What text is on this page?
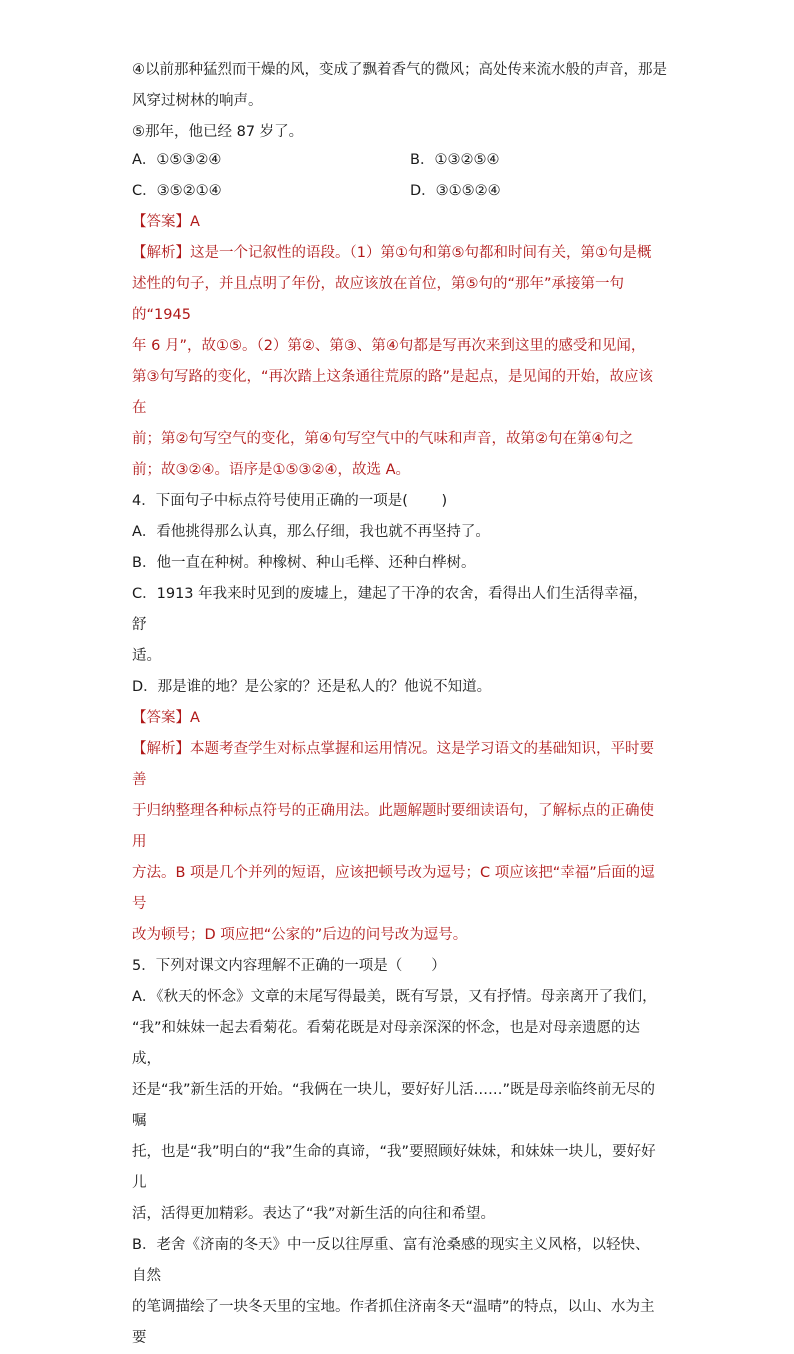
④以前那种猛烈而干燥的风，变成了飘着香气的微风；高处传来流水般的声音，那是

风穿过树林的响声。

⑤那年，他已经 87 岁了。

A．①⑤③②④	B．①③②⑤④
C．③⑤②①④	D．③①⑤②④

【答案】A

【解析】这是一个记叙性的语段。（1）第①句和第⑤句都和时间有关，第①句是概

述性的句子，并且点明了年份，故应该放在首位，第⑤句的“那年”承接第一句的“1945

年 6 月”，故①⑤。（2）第②、第③、第④句都是写再次来到这里的感受和见闻，

第③句写路的变化，“再次踏上这条通往荒原的路”是起点，是见闻的开始，故应该在

前；第②句写空气的变化，第④句写空气中的气味和声音，故第②句在第④句之

前；故③②④。语序是①⑤③②④，故选 A。

4．下面句子中标点符号使用正确的一项是(　　 )

A．看他挑得那么认真，那么仔细，我也就不再坚持了。

B．他一直在种树。种橡树、种山毛榉、还种白桦树。

C．1913 年我来时见到的废墟上，建起了干净的农舍，看得出人们生活得幸福，舒

适。

D．那是谁的地？是公家的？还是私人的？他说不知道。

【答案】A

【解析】本题考查学生对标点掌握和运用情况。这是学习语文的基础知识，平时要善

于归纳整理各种标点符号的正确用法。此题解题时要细读语句，了解标点的正确使用

方法。B 项是几个并列的短语，应该把顿号改为逗号；C 项应该把“幸福”后面的逗号

改为顿号；D 项应把“公家的”后边的问号改为逗号。

5．下列对课文内容理解不正确的一项是（　　）

A．《秋天的怀念》文章的末尾写得最美，既有写景，又有抒情。母亲离开了我们，

“我”和妹妹一起去看菊花。看菊花既是对母亲深深的怀念，也是对母亲遗愿的达成，

还是“我”新生活的开始。“我俩在一块儿，要好好儿活……”既是母亲临终前无尽的嘱

托，也是“我”明白的“我”生命的真谛，“我”要照顾好妹妹，和妹妹一块儿，要好好儿

活，活得更加精彩。表达了“我”对新生活的向往和希望。

B．老舍《济南的冬天》中一反以往厚重、富有沧桑感的现实主义风格，以轻快、自然

的笔调描绘了一块冬天里的宝地。作者抓住济南冬天“温晴”的特点，以山、水为主要
